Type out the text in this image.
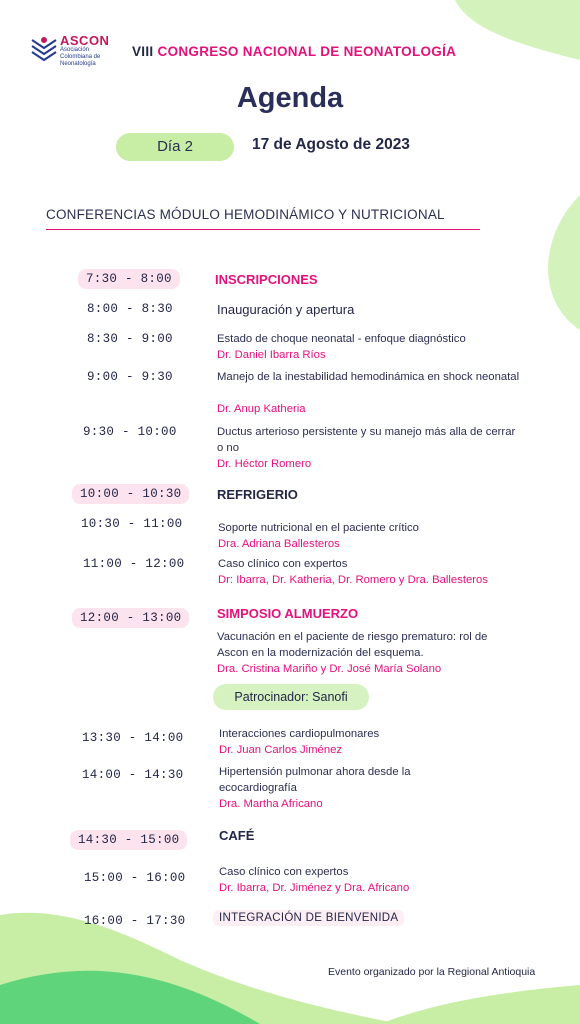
ASCON
Asociación Colombiana de Neonatología
VIII CONGRESO NACIONAL DE NEONATOLOGÍA
Agenda
Día 2	17 de Agosto de 2023
CONFERENCIAS MÓDULO HEMODINÁMICO Y NUTRICIONAL
7:30 - 8:00	INSCRIPCIONES
8:00 - 8:30	Inauguración y apertura
8:30 - 9:00	Estado de choque neonatal - enfoque diagnóstico
Dr. Daniel Ibarra Ríos
9:00 - 9:30	Manejo de la inestabilidad hemodinámica en shock neonatal
Dr. Anup Katheria
9:30 - 10:00	Ductus arterioso persistente y su manejo más alla de cerrar o no
Dr. Héctor Romero
10:00 - 10:30	REFRIGERIO
10:30 - 11:00	Soporte nutricional en el paciente crítico
Dra. Adriana Ballesteros
11:00 - 12:00	Caso clínico con expertos
Dr: Ibarra, Dr. Katheria, Dr. Romero y Dra. Ballesteros
12:00 - 13:00	SIMPOSIO ALMUERZO
Vacunación en el paciente de riesgo prematuro: rol de Ascon en la modernización del esquema.
Dra. Cristina Mariño y Dr. José María Solano
Patrocinador: Sanofi
13:30 - 14:00	Interacciones cardiopulmonares
Dr. Juan Carlos Jiménez
14:00 - 14:30	Hipertensión pulmonar ahora desde la ecocardiografía
Dra. Martha Africano
14:30 - 15:00	CAFÉ
15:00 - 16:00	Caso clínico con expertos
Dr. Ibarra, Dr. Jiménez y Dra. Africano
16:00 - 17:30	INTEGRACIÓN DE BIENVENIDA
Evento organizado por la Regional Antioquia
